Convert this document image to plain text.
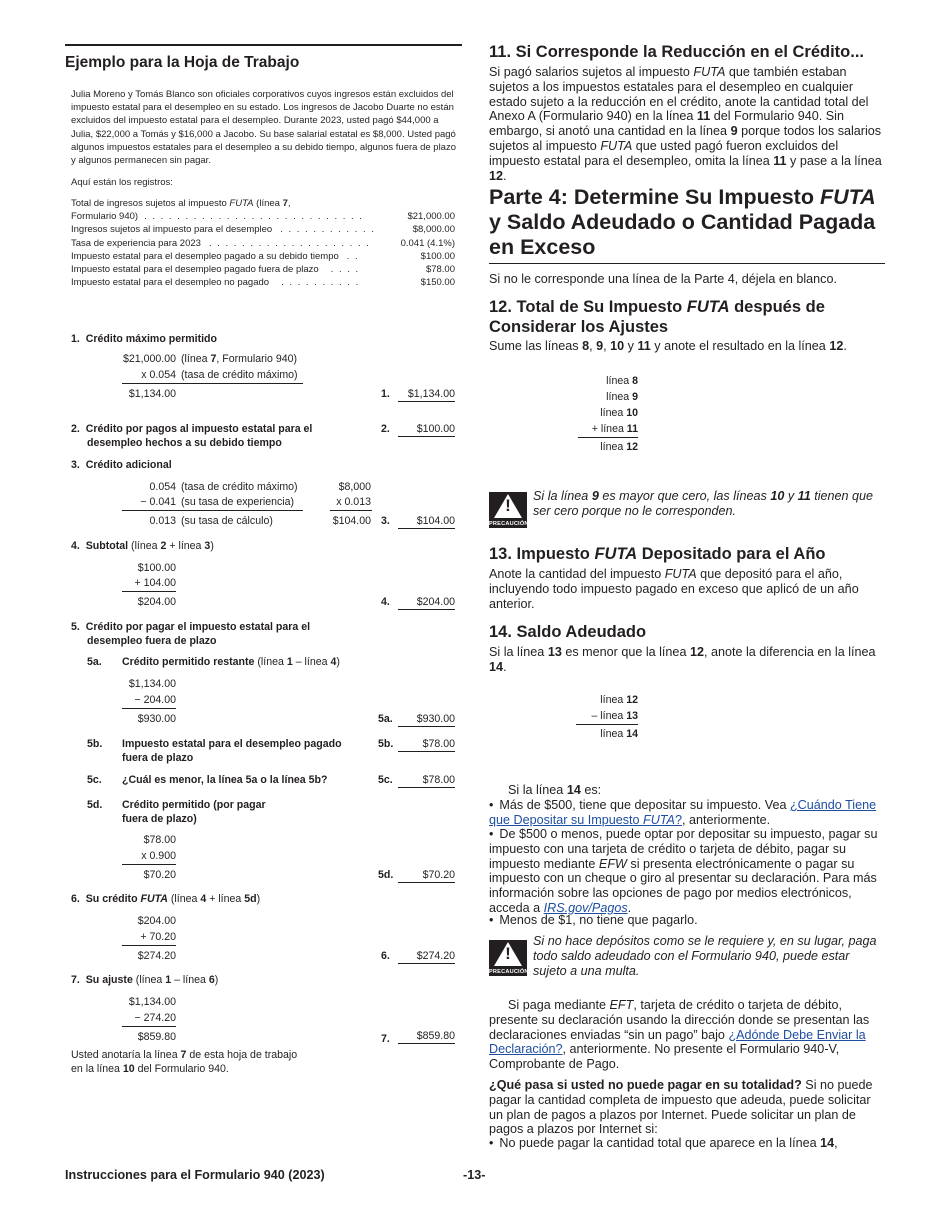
Ejemplo para la Hoja de Trabajo
Julia Moreno y Tomás Blanco son oficiales corporativos cuyos ingresos están excluidos del impuesto estatal para el desempleo en su estado. Los ingresos de Jacobo Duarte no están excluidos del impuesto estatal para el desempleo. Durante 2023, usted pagó $44,000 a Julia, $22,000 a Tomás y $16,000 a Jacobo. Su base salarial estatal es $8,000. Usted pagó algunos impuestos estatales para el desempleo a su debido tiempo, algunos fuera de plazo y algunos permanecen sin pagar.
Aquí están los registros:
Total de ingresos sujetos al impuesto FUTA (línea 7,
Formulario 940) . . . . . . . . . . . . . . . . . . . . . . . . . . .	$21,000.00
Ingresos sujetos al impuesto para el desempleo . . . . . . . . . . . .	$8,000.00
Tasa de experiencia para 2023 . . . . . . . . . . . . . . . . . . . .	0.041 (4.1%)
Impuesto estatal para el desempleo pagado a su debido tiempo . .	$100.00
Impuesto estatal para el desempleo pagado fuera de plazo	. . . .	$78.00
Impuesto estatal para el desempleo no pagado	. . . . . . . . . .	$150.00
1. Crédito máximo permitido
$21,000.00 (línea 7, Formulario 940)
x 0.054 (tasa de crédito máximo)
$1,134.00	1.	$1,134.00
2. Crédito por pagos al impuesto estatal para el
desempleo hechos a su debido tiempo
2.	$100.00
3. Crédito adicional
0.054 (tasa de crédito máximo)
− 0.041 (su tasa de experiencia)
0.013 (su tasa de cálculo)
$8,000
x 0.013
$104.00 3.	$104.00
4. Subtotal (línea 2 + línea 3)
$100.00
+ 104.00
$204.00	4.	$204.00
5. Crédito por pagar el impuesto estatal para el
desempleo fuera de plazo
5a. Crédito permitido restante (línea 1 – línea 4)
$1,134.00
− 204.00
$930.00	5a.	$930.00
5b. Impuesto estatal para el desempleo pagado
fuera de plazo
5b.	$78.00
5c. ¿Cuál es menor, la línea 5a o la línea 5b?	5c.	$78.00
5d. Crédito permitido (por pagar
fuera de plazo)
$78.00
x 0.900
$70.20	5d.	$70.20
6. Su crédito FUTA (línea 4 + línea 5d)
$204.00
+ 70.20
$274.20	6.	$274.20
7. Su ajuste (línea 1 – línea 6)
$1,134.00
− 274.20
$859.80	7.	$859.80
Usted anotaría la línea 7 de esta hoja de trabajo
en la línea 10 del Formulario 940.
11. Si Corresponde la Reducción en el Crédito...
Si pagó salarios sujetos al impuesto FUTA que también estaban sujetos a los impuestos estatales para el desempleo en cualquier estado sujeto a la reducción en el crédito, anote la cantidad total del Anexo A (Formulario 940) en la línea 11 del Formulario 940. Sin embargo, si anotó una cantidad en la línea 9 porque todos los salarios sujetos al impuesto FUTA que usted pagó fueron excluidos del impuesto estatal para el desempleo, omita la línea 11 y pase a la línea 12.
Parte 4: Determine Su Impuesto FUTA
y Saldo Adeudado o Cantidad Pagada
en Exceso
Si no le corresponde una línea de la Parte 4, déjela en blanco.
12. Total de Su Impuesto FUTA después de
Considerar los Ajustes
Sume las líneas 8, 9, 10 y 11 y anote el resultado en la línea 12.
línea 8
línea 9
línea 10
+ línea 11
línea 12
!
PRECAUCIÓN
Si la línea 9 es mayor que cero, las líneas 10 y 11 tienen que ser cero porque no le corresponden.
13. Impuesto FUTA Depositado para el Año
Anote la cantidad del impuesto FUTA que depositó para el año, incluyendo todo impuesto pagado en exceso que aplicó de un año anterior.
14. Saldo Adeudado
Si la línea 13 es menor que la línea 12, anote la diferencia en la línea 14.
línea 12
– línea 13
línea 14
Si la línea 14 es:
• Más de $500, tiene que depositar su impuesto. Vea ¿Cuándo Tiene que Depositar su Impuesto FUTA?, anteriormente.
• De $500 o menos, puede optar por depositar su impuesto, pagar su impuesto con una tarjeta de crédito o tarjeta de débito, pagar su impuesto mediante EFW si presenta electrónicamente o pagar su impuesto con un cheque o giro al presentar su declaración. Para más información sobre las opciones de pago por medios electrónicos, acceda a IRS.gov/Pagos.
• Menos de $1, no tiene que pagarlo.
!
PRECAUCIÓN
Si no hace depósitos como se le requiere y, en su lugar, paga todo saldo adeudado con el Formulario 940, puede estar sujeto a una multa.
Si paga mediante EFT, tarjeta de crédito o tarjeta de débito, presente su declaración usando la dirección donde se presentan las declaraciones enviadas “sin un pago” bajo ¿Adónde Debe Enviar la Declaración?, anteriormente. No presente el Formulario 940-V, Comprobante de Pago.
¿Qué pasa si usted no puede pagar en su totalidad? Si no puede pagar la cantidad completa de impuesto que adeuda, puede solicitar un plan de pagos a plazos por Internet. Puede solicitar un plan de pagos a plazos por Internet si:
• No puede pagar la cantidad total que aparece en la línea 14,
Instrucciones para el Formulario 940 (2023)	-13-
